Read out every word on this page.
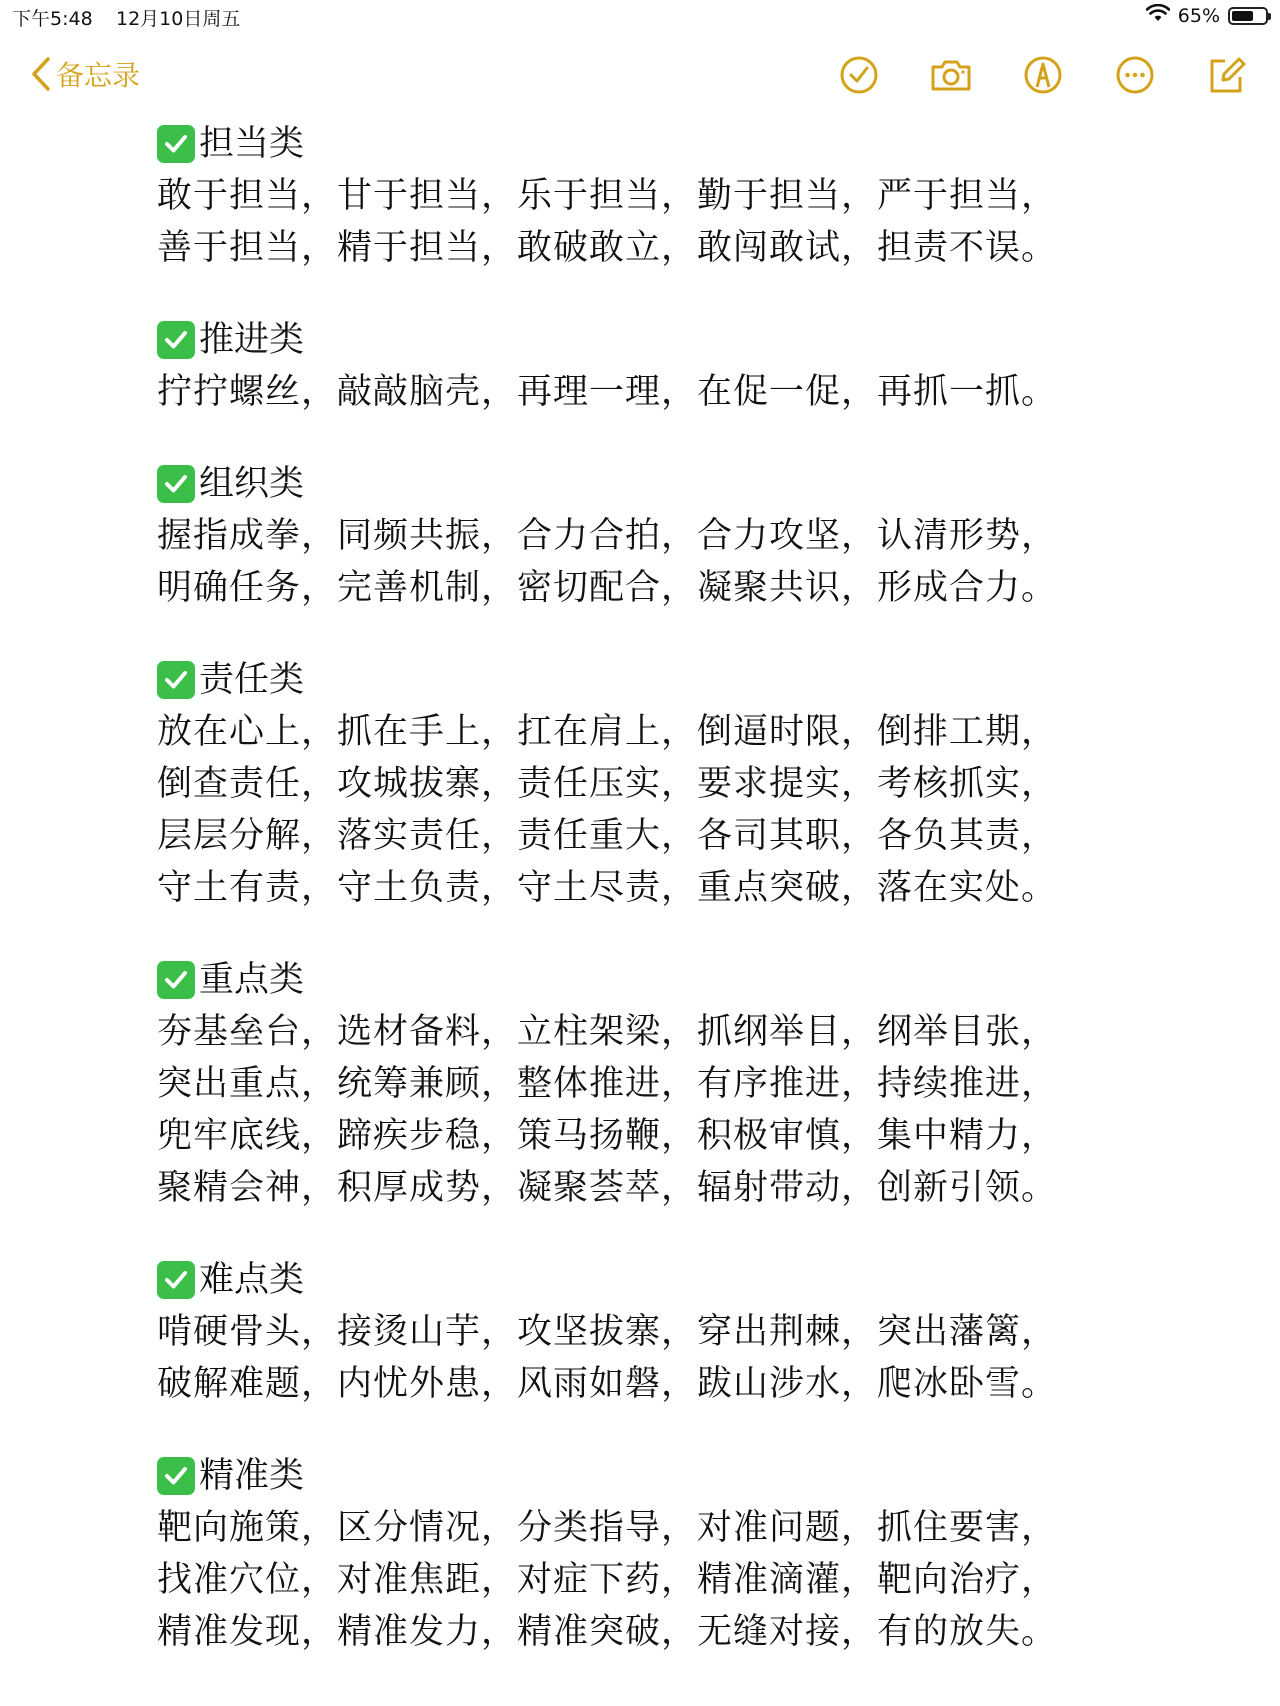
下午5:48 12月10日周五	65%
备忘录
担当类
敢于担当，甘于担当，乐于担当，勤于担当，严于担当，
善于担当，精于担当，敢破敢立，敢闯敢试，担责不误。
推进类
拧拧螺丝，敲敲脑壳，再理一理，在促一促，再抓一抓。
组织类
握指成拳，同频共振，合力合拍，合力攻坚，认清形势，
明确任务，完善机制，密切配合，凝聚共识，形成合力。
责任类
放在心上，抓在手上，扛在肩上，倒逼时限，倒排工期，
倒查责任，攻城拔寨，责任压实，要求提实，考核抓实，
层层分解，落实责任，责任重大，各司其职，各负其责，
守土有责，守土负责，守土尽责，重点突破，落在实处。
重点类
夯基垒台，选材备料，立柱架梁，抓纲举目，纲举目张，
突出重点，统筹兼顾，整体推进，有序推进，持续推进，
兜牢底线，蹄疾步稳，策马扬鞭，积极审慎，集中精力，
聚精会神，积厚成势，凝聚荟萃，辐射带动，创新引领。
难点类
啃硬骨头，接烫山芋，攻坚拔寨，穿出荆棘，突出藩篱，
破解难题，内忧外患，风雨如磐，跋山涉水，爬冰卧雪。
精准类
靶向施策，区分情况，分类指导，对准问题，抓住要害，
找准穴位，对准焦距，对症下药，精准滴灌，靶向治疗，
精准发现，精准发力，精准突破，无缝对接，有的放失。
